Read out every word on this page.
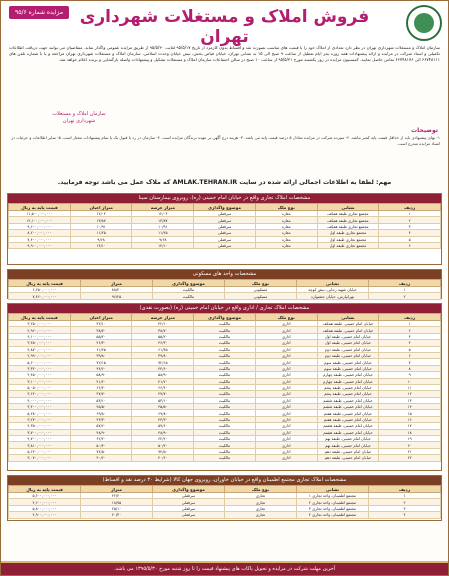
فروش املاک و مستغلات شهرداری تهران
مزایده شماره ۹۵/۶
سازمان املاک و مستغلات شهرداری تهران در نظر دارد تعدادی از املاک خود را با قیمت های مناسب بصورت نقد و اقساط بدون کارمزد از تاریخ ۹۵/۵/۱۷ لغایت ۹۵/۵/۳۰ از طریق مزایده عمومی واگذار نماید. متقاضیان می توانند جهت دریافت اطلاعات تکمیلی و اسناد شرکت در مزایده و ارائه پیشنهادات همه روزه بجز ایام تعطیل از ساعت ۹ صبح الی ۱۵ به نشانی تهران، خیابان فیاض بخش، نبش خیابان وحدت اسلامی، سازمان املاک و مستغلات شهرداری تهران مراجعه و یا با شماره تلفن های ۶۶۷۴۸۱۱۱ الی ۶۶۷۴۸۱۷۶ تماس حاصل نمایند. کمیسیون مزایده در روز یکشنبه مورخ ۹۵/۵/۳۱ از ساعت ۱۰ صبح در سالن اجتماعات سازمان املاک و مستغلات تشکیل و پیشنهادات واصله بازگشایی و برنده اعلام خواهد شد.
سازمان املاک و مستغلات
شهرداری تهران
توضیحات
۱- بهای پیشنهادی باید از حداقل قیمت پایه کمتر نباشد. ۲- سپرده شرکت در مزایده معادل ۵ درصد قیمت پایه می باشد. ۳- هزینه درج آگهی بر عهده برندگان مزایده است. ۴- سازمان در رد یا قبول یک یا تمام پیشنهادات مختار است. ۵- سایر اطلاعات و جزئیات در اسناد مزایده مندرج است.
مهم: لطفا به اطلاعات اجمالی ارائه شده در سایت AMLAK.TEHRAN.IR که ملاک عمل می باشد توجه فرمایید.
مشخصات املاک تجاری واقع در خیابان امام خمینی (ره)، روبروی بیمارستان سینا
ردیف	نشانی	نوع ملک	موضوع واگذاری	متراژ عرصه	متراژ اعیان	قیمت پایه به ریال
۱	مجتمع تجاری طبقه همکف	مغازه	سرقفلی	۱۲/۰۴	۱۲/۰۴	۱۱,۵۰۰,۰۰۰,۰۰۰
۲	مجتمع تجاری طبقه همکف	مغازه	سرقفلی	۱۳/۸۷	۱۳/۸۷	۱۲,۱۰۰,۰۰۰,۰۰۰
۳	مجتمع تجاری طبقه همکف	مغازه	سرقفلی	۱۰/۹۱	۱۰/۹۱	۹,۶۰۰,۰۰۰,۰۰۰
۴	مجتمع تجاری طبقه اول	مغازه	سرقفلی	۱۱/۲۵	۱۱/۲۵	۸,۲۰۰,۰۰۰,۰۰۰
۵	مجتمع تجاری طبقه اول	مغازه	سرقفلی	۹/۶۸	۹/۶۸	۷,۴۰۰,۰۰۰,۰۰۰
۶	مجتمع تجاری طبقه اول	مغازه	سرقفلی	۱۴/۱۰	۱۴/۱۰	۹,۹۰۰,۰۰۰,۰۰۰
مشخصات واحد های مسکونی
ردیف	نشانی	نوع ملک	موضوع واگذاری	متراژ	قیمت پایه به ریال
۱	خیابان شهید رجایی، نبش کوچه	مسکونی	مالکیت	۸۸/۴۰	۶,۲۵۰,۰۰۰,۰۰۰
۲	تهرانپارس، خیابان جشنواره	مسکونی	مالکیت	۹۶/۲۵	۷,۴۶۰,۰۰۰,۰۰۰
مشخصات املاک تجاری / اداری واقع در خیابان امام خمینی (ره) (بصورت نقدی)
ردیف	نشانی	نوع ملک	موضوع واگذاری	متراژ عرصه	متراژ اعیان	قیمت پایه به ریال
۱	خیابان امام خمینی، طبقه همکف	اداری	مالکیت	۴۲/۱۰	۴۲/۱۰	۳,۲۵۰,۰۰۰,۰۰۰
۲	خیابان امام خمینی، طبقه همکف	اداری	مالکیت	۳۸/۷۰	۳۸/۷۰	۲,۹۶۰,۰۰۰,۰۰۰
۳	خیابان امام خمینی، طبقه اول	اداری	مالکیت	۵۵/۲۰	۵۵/۲۰	۴,۱۰۰,۰۰۰,۰۰۰
۴	خیابان امام خمینی، طبقه اول	اداری	مالکیت	۴۶/۳۰	۴۶/۳۰	۳,۴۵۰,۰۰۰,۰۰۰
۵	خیابان امام خمینی، طبقه دوم	اداری	مالکیت	۶۱/۴۵	۶۱/۴۵	۴,۸۷۰,۰۰۰,۰۰۰
۶	خیابان امام خمینی، طبقه دوم	اداری	مالکیت	۳۹/۸۰	۳۹/۸۰	۲,۹۹۰,۰۰۰,۰۰۰
۷	خیابان امام خمینی، طبقه سوم	اداری	مالکیت	۷۲/۱۵	۷۲/۱۵	۵,۶۰۰,۰۰۰,۰۰۰
۸	خیابان امام خمینی، طبقه سوم	اداری	مالکیت	۴۴/۶۰	۴۴/۶۰	۳,۳۲۰,۰۰۰,۰۰۰
۹	خیابان امام خمینی، طبقه چهارم	اداری	مالکیت	۵۸/۹۰	۵۸/۹۰	۴,۴۵۰,۰۰۰,۰۰۰
۱۰	خیابان امام خمینی، طبقه چهارم	اداری	مالکیت	۴۱/۲۰	۴۱/۲۰	۳,۱۰۰,۰۰۰,۰۰۰
۱۱	خیابان امام خمینی، طبقه پنجم	اداری	مالکیت	۶۶/۴۰	۶۶/۴۰	۵,۰۵۰,۰۰۰,۰۰۰
۱۲	خیابان امام خمینی، طبقه پنجم	اداری	مالکیت	۴۷/۷۰	۴۷/۷۰	۳,۶۲۰,۰۰۰,۰۰۰
۱۳	خیابان امام خمینی، طبقه ششم	اداری	مالکیت	۵۳/۱۰	۵۳/۱۰	۴,۰۰۰,۰۰۰,۰۰۰
۱۴	خیابان امام خمینی، طبقه ششم	اداری	مالکیت	۴۵/۵۰	۴۵/۵۰	۳,۴۰۰,۰۰۰,۰۰۰
۱۵	خیابان امام خمینی، طبقه هفتم	اداری	مالکیت	۶۹/۸۰	۶۹/۸۰	۵,۲۸۰,۰۰۰,۰۰۰
۱۶	خیابان امام خمینی، طبقه هفتم	اداری	مالکیت	۴۳/۳۰	۴۳/۳۰	۳,۲۷۰,۰۰۰,۰۰۰
۱۷	خیابان امام خمینی، طبقه هشتم	اداری	مالکیت	۵۷/۶۰	۵۷/۶۰	۴,۳۵۰,۰۰۰,۰۰۰
۱۸	خیابان امام خمینی، طبقه هشتم	اداری	مالکیت	۴۸/۹۰	۴۸/۹۰	۳,۷۰۰,۰۰۰,۰۰۰
۱۹	خیابان امام خمینی، طبقه نهم	اداری	مالکیت	۶۲/۲۰	۶۲/۲۰	۴,۷۰۰,۰۰۰,۰۰۰
۲۰	خیابان امام خمینی، طبقه نهم	اداری	مالکیت	۵۰/۴۰	۵۰/۴۰	۳,۸۱۰,۰۰۰,۰۰۰
۲۱	خیابان امام خمینی، طبقه دهم	اداری	مالکیت	۷۴/۵۰	۷۴/۵۰	۵,۶۴۰,۰۰۰,۰۰۰
۲۲	خیابان امام خمینی، طبقه دهم	اداری	مالکیت	۴۰/۶۰	۴۰/۶۰	۳,۰۷۰,۰۰۰,۰۰۰
مشخصات املاک تجاری مجتمع اطمینان واقع در خیابان خاوران، روبروی جهان کالا (شرایط ۳۰ درصد نقد و اقساط)
ردیف	نشانی	نوع ملک	موضوع واگذاری	متراژ	قیمت پایه به ریال
۱	مجتمع اطمینان، واحد تجاری ۱	تجاری	سرقفلی	۲۲/۴۰	۵,۲۰۰,۰۰۰,۰۰۰
۲	مجتمع اطمینان، واحد تجاری ۲	تجاری	سرقفلی	۱۸/۷۵	۴,۶۰۰,۰۰۰,۰۰۰
۳	مجتمع اطمینان، واحد تجاری ۳	تجاری	سرقفلی	۲۵/۱۰	۵,۸۰۰,۰۰۰,۰۰۰
۴	مجتمع اطمینان، واحد تجاری ۴	تجاری	سرقفلی	۲۰/۳۰	۴,۹۰۰,۰۰۰,۰۰۰
آخرین مهلت شرکت در مزایده و تحویل پاکات های پیشنهاد قیمت را تا روز شنبه مورخ ۱۳۹۵/۵/۳۰ می باشد.
